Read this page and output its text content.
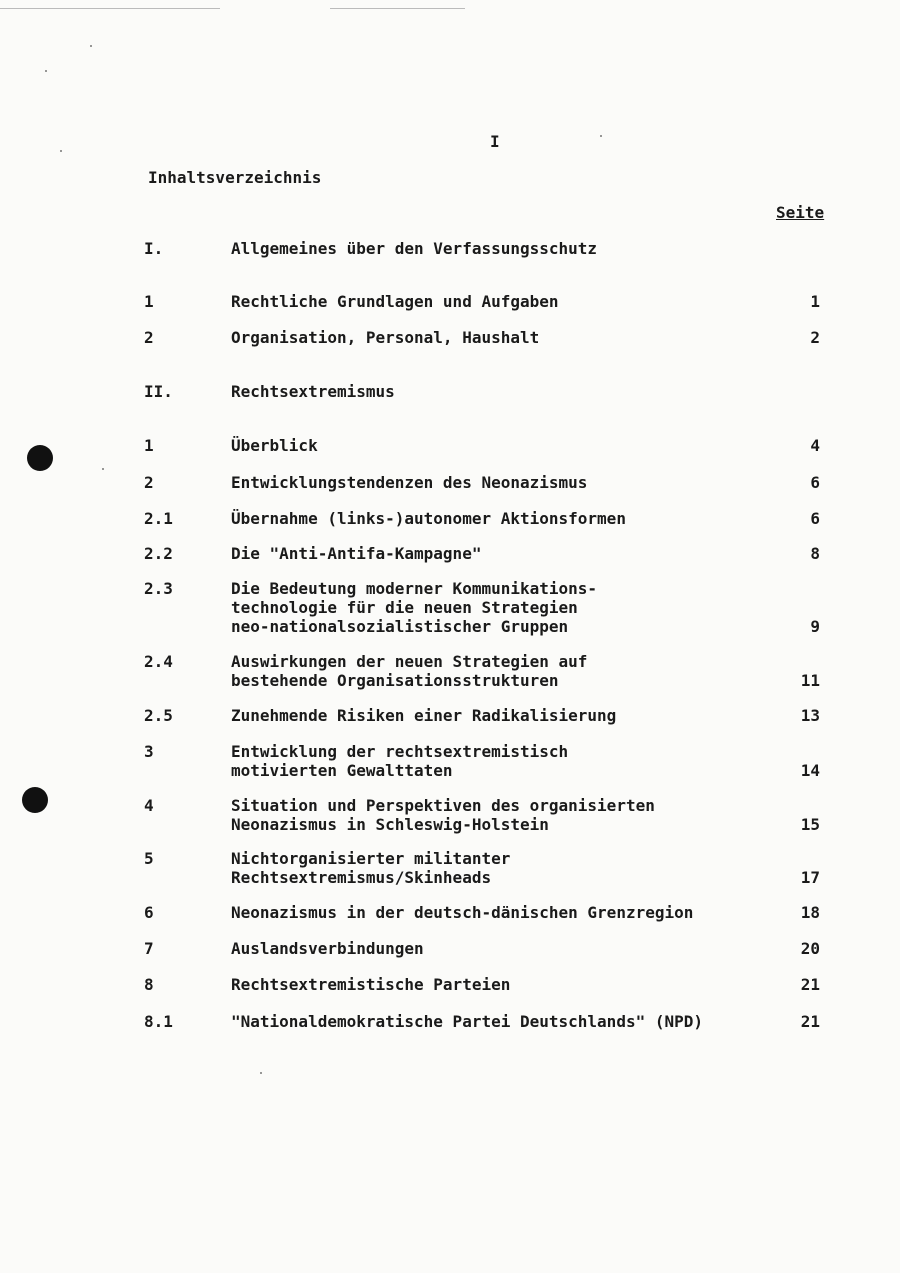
I
Inhaltsverzeichnis
Seite
I.	Allgemeines über den Verfassungsschutz
1	Rechtliche Grundlagen und Aufgaben	1
2	Organisation, Personal, Haushalt	2
II.	Rechtsextremismus
1	Überblick	4
2	Entwicklungstendenzen des Neonazismus	6
2.1	Übernahme (links-)autonomer Aktionsformen	6
2.2	Die "Anti-Antifa-Kampagne"	8
2.3	Die Bedeutung moderner Kommunikations-
technologie für die neuen Strategien
neo-nationalsozialistischer Gruppen	9
2.4	Auswirkungen der neuen Strategien auf
bestehende Organisationsstrukturen	11
2.5	Zunehmende Risiken einer Radikalisierung	13
3	Entwicklung der rechtsextremistisch
motivierten Gewalttaten	14
4	Situation und Perspektiven des organisierten
Neonazismus in Schleswig-Holstein	15
5	Nichtorganisierter militanter
Rechtsextremismus/Skinheads	17
6	Neonazismus in der deutsch-dänischen Grenzregion	18
7	Auslandsverbindungen	20
8	Rechtsextremistische Parteien	21
8.1	"Nationaldemokratische Partei Deutschlands" (NPD)	21
